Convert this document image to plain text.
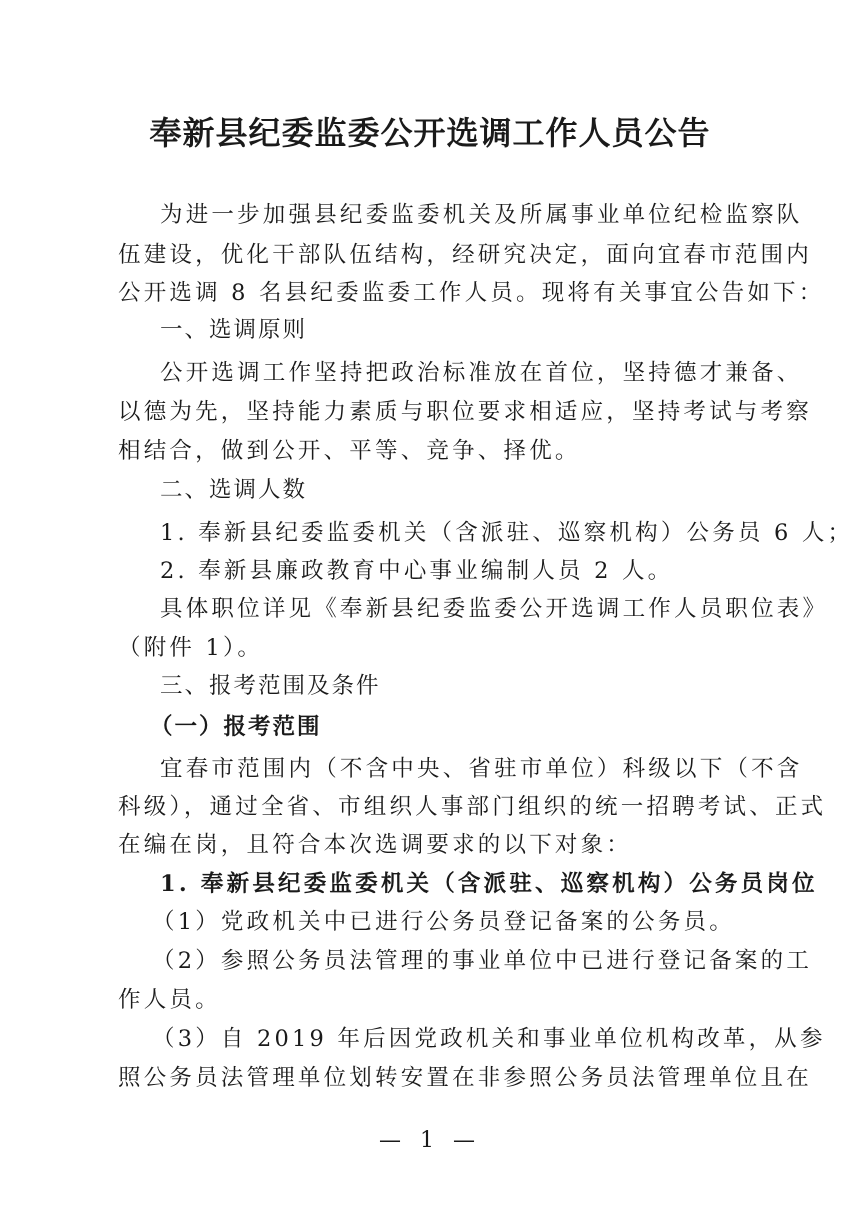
奉新县纪委监委公开选调工作人员公告
为进一步加强县纪委监委机关及所属事业单位纪检监察队
伍建设，优化干部队伍结构，经研究决定，面向宜春市范围内
公开选调 8 名县纪委监委工作人员。现将有关事宜公告如下：
一、选调原则
公开选调工作坚持把政治标准放在首位，坚持德才兼备、
以德为先，坚持能力素质与职位要求相适应，坚持考试与考察
相结合，做到公开、平等、竞争、择优。
二、选调人数
1. 奉新县纪委监委机关（含派驻、巡察机构）公务员 6 人；
2. 奉新县廉政教育中心事业编制人员 2 人。
具体职位详见《奉新县纪委监委公开选调工作人员职位表》
（附件 1）。
三、报考范围及条件
（一）报考范围
宜春市范围内（不含中央、省驻市单位）科级以下（不含
科级），通过全省、市组织人事部门组织的统一招聘考试、正式
在编在岗，且符合本次选调要求的以下对象：
1. 奉新县纪委监委机关（含派驻、巡察机构）公务员岗位
（1）党政机关中已进行公务员登记备案的公务员。
（2）参照公务员法管理的事业单位中已进行登记备案的工
作人员。
（3）自 2019 年后因党政机关和事业单位机构改革，从参
照公务员法管理单位划转安置在非参照公务员法管理单位且在
— 1 —
